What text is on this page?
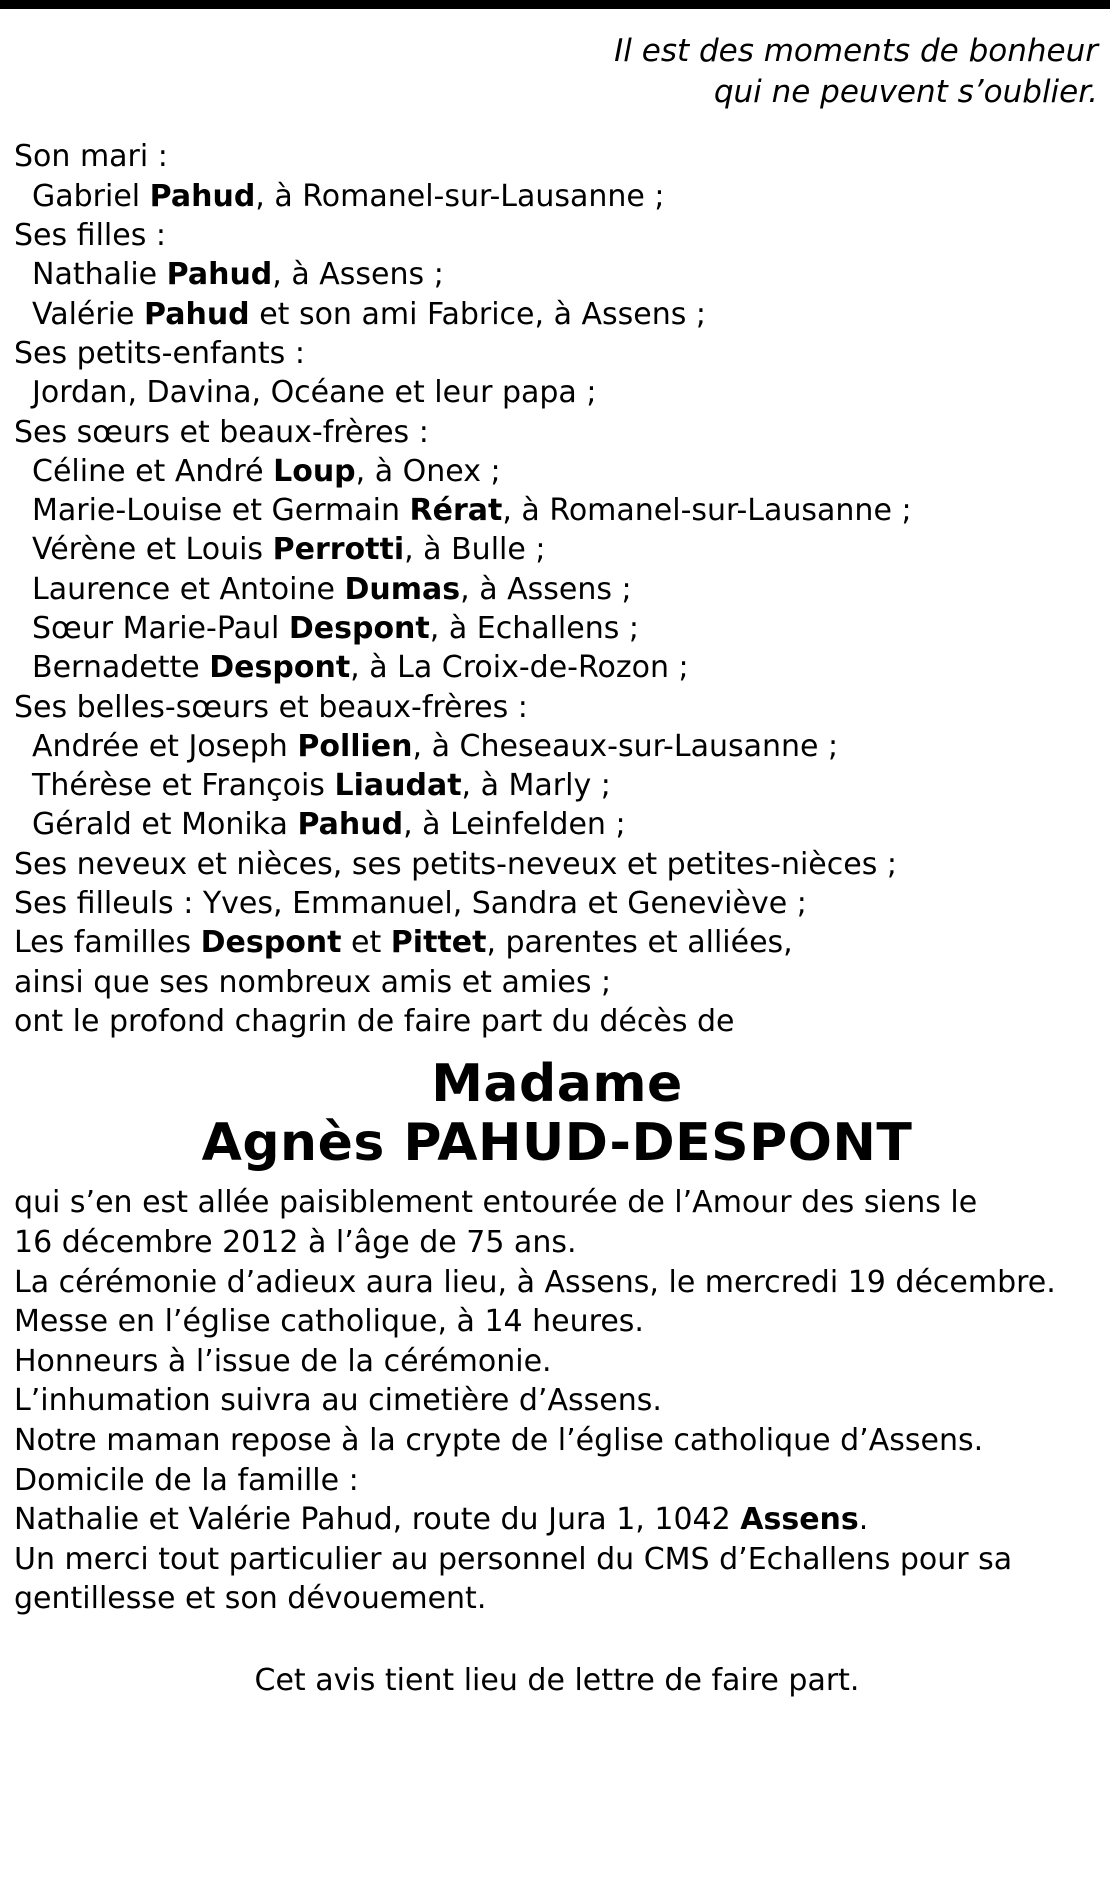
Il est des moments de bonheur
qui ne peuvent s’oublier.
Son mari :
Gabriel Pahud, à Romanel-sur-Lausanne ;
Ses filles :
Nathalie Pahud, à Assens ;
Valérie Pahud et son ami Fabrice, à Assens ;
Ses petits-enfants :
Jordan, Davina, Océane et leur papa ;
Ses sœurs et beaux-frères :
Céline et André Loup, à Onex ;
Marie-Louise et Germain Rérat, à Romanel-sur-Lausanne ;
Vérène et Louis Perrotti, à Bulle ;
Laurence et Antoine Dumas, à Assens ;
Sœur Marie-Paul Despont, à Echallens ;
Bernadette Despont, à La Croix-de-Rozon ;
Ses belles-sœurs et beaux-frères :
Andrée et Joseph Pollien, à Cheseaux-sur-Lausanne ;
Thérèse et François Liaudat, à Marly ;
Gérald et Monika Pahud, à Leinfelden ;
Ses neveux et nièces, ses petits-neveux et petites-nièces ;
Ses filleuls : Yves, Emmanuel, Sandra et Geneviève ;
Les familles Despont et Pittet, parentes et alliées,
ainsi que ses nombreux amis et amies ;
ont le profond chagrin de faire part du décès de
Madame
Agnès PAHUD-DESPONT
qui s’en est allée paisiblement entourée de l’Amour des siens le
16 décembre 2012 à l’âge de 75 ans.
La cérémonie d’adieux aura lieu, à Assens, le mercredi 19 décembre.
Messe en l’église catholique, à 14 heures.
Honneurs à l’issue de la cérémonie.
L’inhumation suivra au cimetière d’Assens.
Notre maman repose à la crypte de l’église catholique d’Assens.
Domicile de la famille :
Nathalie et Valérie Pahud, route du Jura 1, 1042 Assens.
Un merci tout particulier au personnel du CMS d’Echallens pour sa
gentillesse et son dévouement.
Cet avis tient lieu de lettre de faire part.
